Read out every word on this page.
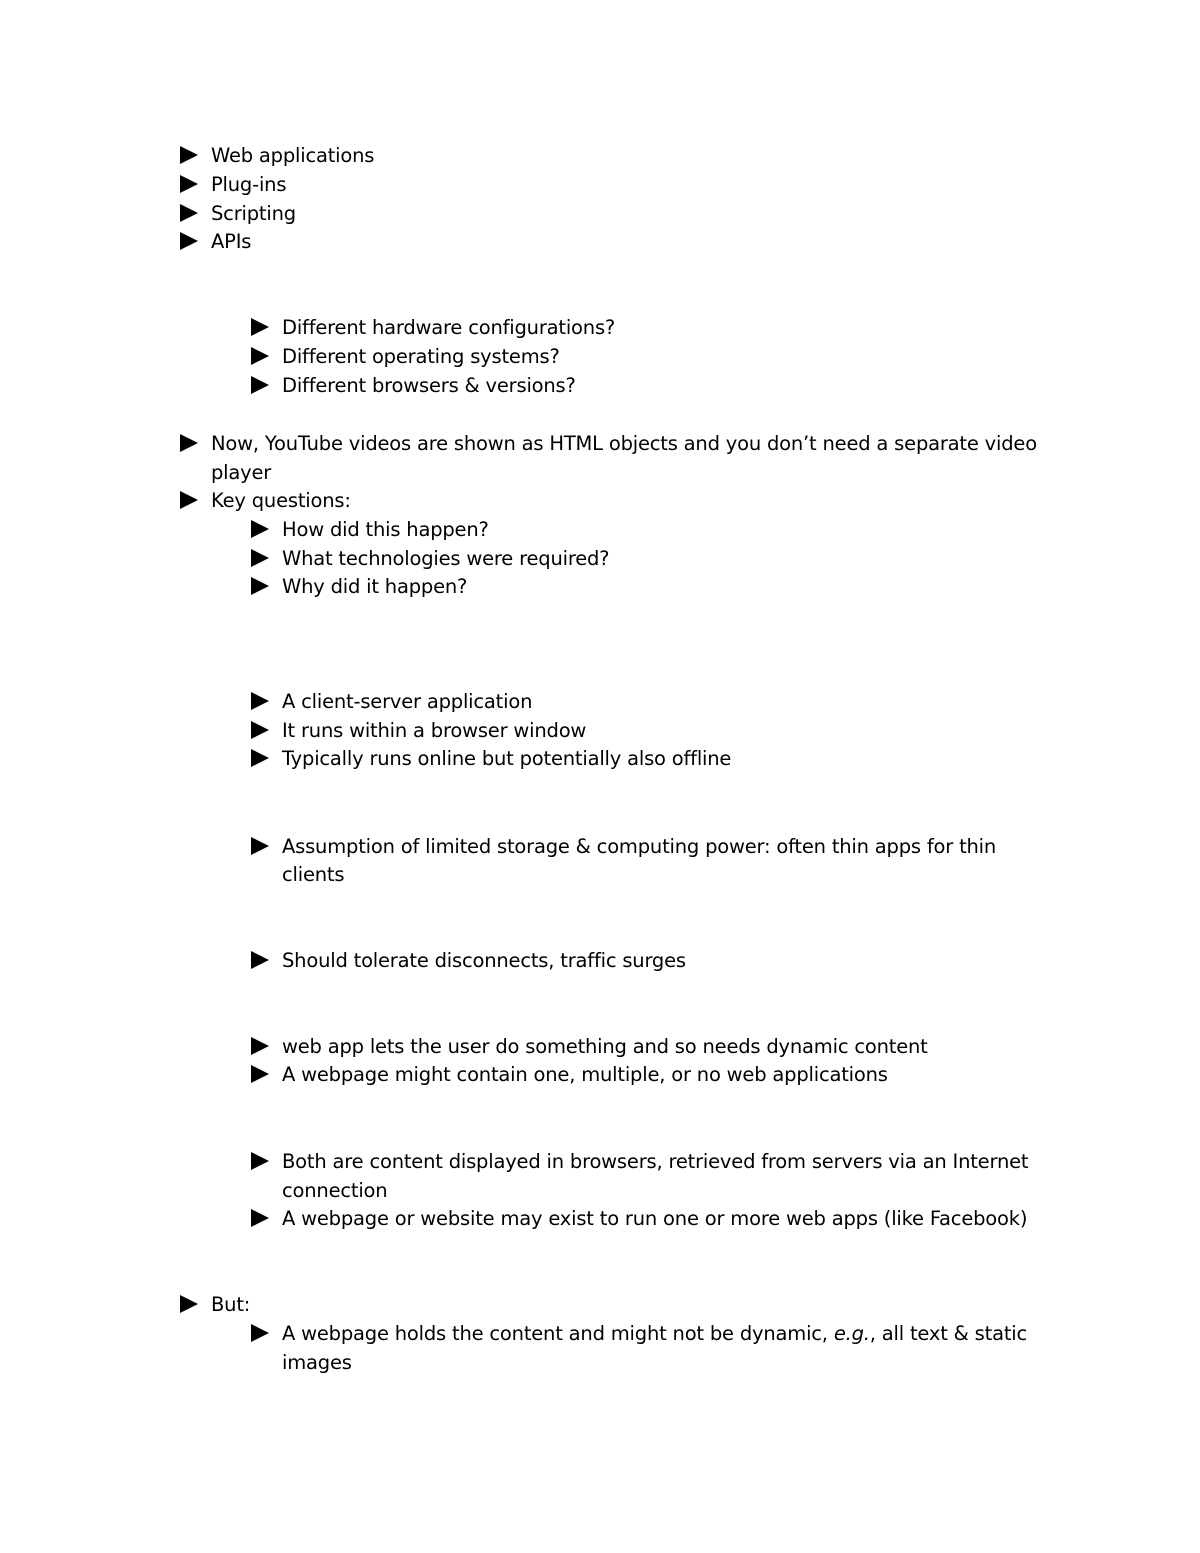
Web applications
Plug-ins
Scripting
APIs
Different hardware configurations?
Different operating systems?
Different browsers & versions?
Now, YouTube videos are shown as HTML objects and you don’t need a separate video
player
Key questions:
How did this happen?
What technologies were required?
Why did it happen?
A client-server application
It runs within a browser window
Typically runs online but potentially also offline
Assumption of limited storage & computing power: often thin apps for thin
clients
Should tolerate disconnects, traffic surges
web app lets the user do something and so needs dynamic content
A webpage might contain one, multiple, or no web applications
Both are content displayed in browsers, retrieved from servers via an Internet
connection
A webpage or website may exist to run one or more web apps (like Facebook)
But:
A webpage holds the content and might not be dynamic, e.g., all text & static
images
